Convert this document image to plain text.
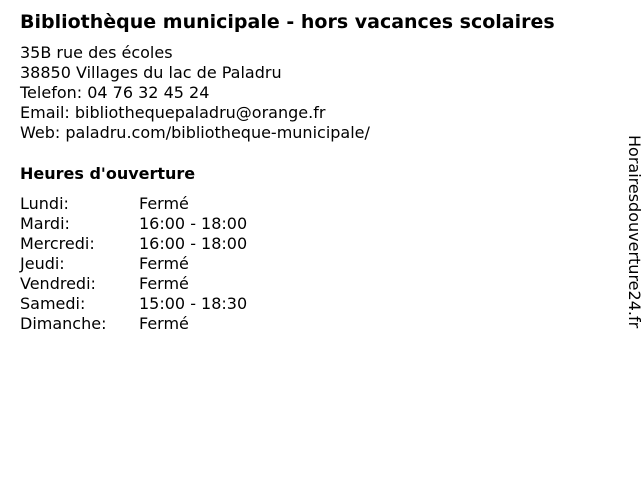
Bibliothèque municipale - hors vacances scolaires
35B rue des écoles
38850 Villages du lac de Paladru
Telefon: 04 76 32 45 24
Email: bibliothequepaladru@orange.fr
Web: paladru.com/bibliotheque-municipale/
Heures d'ouverture
Lundi:	Fermé
Mardi:	16:00 - 18:00
Mercredi:	16:00 - 18:00
Jeudi:	Fermé
Vendredi:	Fermé
Samedi:	15:00 - 18:30
Dimanche: Fermé	Horairesdouverture24.fr
